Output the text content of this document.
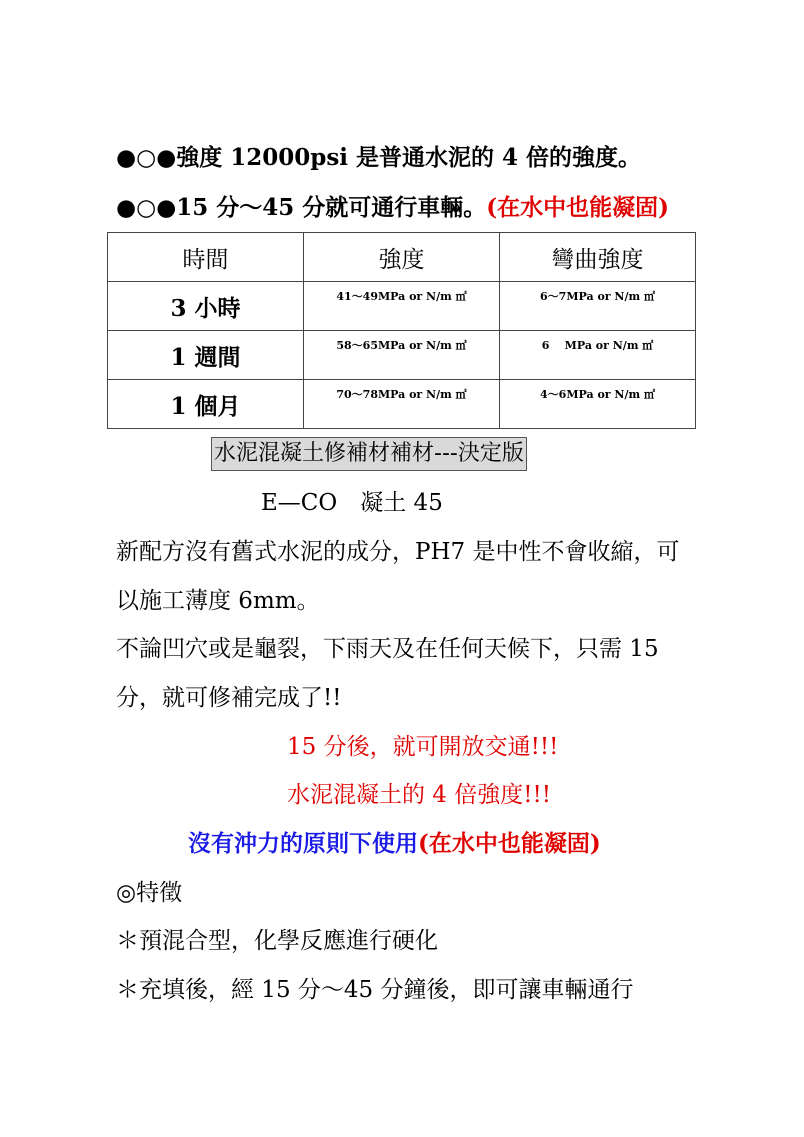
●○●強度 12000psi 是普通水泥的 4 倍的強度。
●○●15 分～45 分就可通行車輛。(在水中也能凝固)
時間	強度	彎曲強度
3 小時	41～49MPa or N/m ㎡	6～7MPa or N/m ㎡
1 週間	58～65MPa or N/m ㎡	6    MPa or N/m ㎡
1 個月	70～78MPa or N/m ㎡	4～6MPa or N/m ㎡
水泥混凝土修補材補材---決定版
E—CO　凝土 45
新配方沒有舊式水泥的成分，PH7 是中性不會收縮，可
以施工薄度 6mm。
不論凹穴或是龜裂，下雨天及在任何天候下，只需 15
分，就可修補完成了!!
15 分後，就可開放交通!!!
水泥混凝土的 4 倍強度!!!
沒有沖力的原則下使用(在水中也能凝固)
◎特徵
＊預混合型，化學反應進行硬化
＊充填後，經 15 分～45 分鐘後，即可讓車輛通行
